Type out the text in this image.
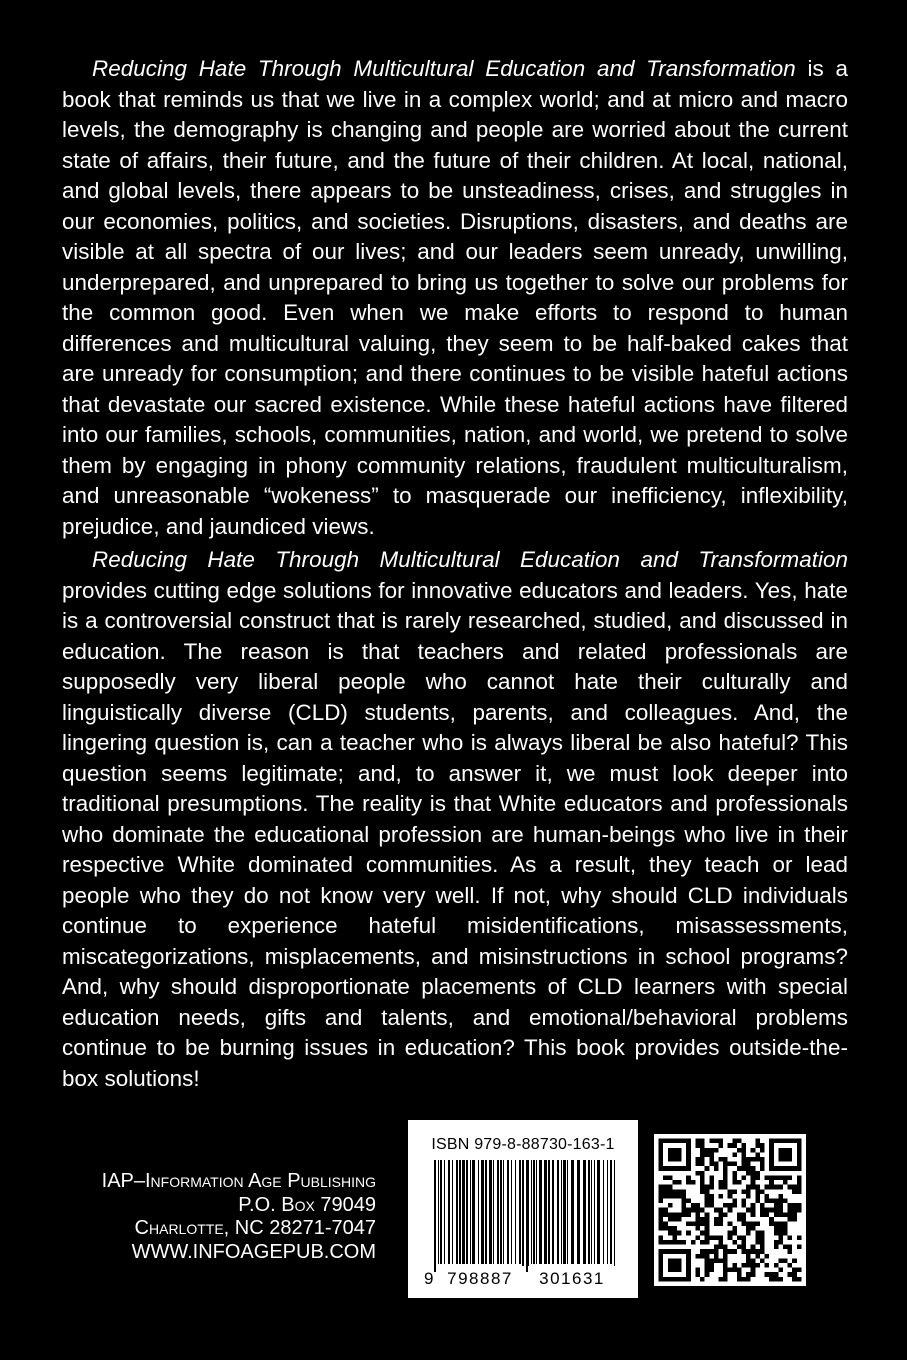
Reducing Hate Through Multicultural Education and Transformation is a book that reminds us that we live in a complex world; and at micro and macro levels, the demography is changing and people are worried about the current state of affairs, their future, and the future of their children. At local, national, and global levels, there appears to be unsteadiness, crises, and struggles in our economies, politics, and societies. Disruptions, disasters, and deaths are visible at all spectra of our lives; and our leaders seem unready, unwilling, underprepared, and unprepared to bring us together to solve our problems for the common good. Even when we make efforts to respond to human differences and multicultural valuing, they seem to be half-baked cakes that are unready for consumption; and there continues to be visible hateful actions that devastate our sacred existence. While these hateful actions have filtered into our families, schools, communities, nation, and world, we pretend to solve them by engaging in phony community relations, fraudulent multiculturalism, and unreasonable “wokeness” to masquerade our inefficiency, inflexibility, prejudice, and jaundiced views.

Reducing Hate Through Multicultural Education and Transformation provides cutting edge solutions for innovative educators and leaders. Yes, hate is a controversial construct that is rarely researched, studied, and discussed in education. The reason is that teachers and related professionals are supposedly very liberal people who cannot hate their culturally and linguistically diverse (CLD) students, parents, and colleagues. And, the lingering question is, can a teacher who is always liberal be also hateful? This question seems legitimate; and, to answer it, we must look deeper into traditional presumptions. The reality is that White educators and professionals who dominate the educational profession are human-beings who live in their respective White dominated communities. As a result, they teach or lead people who they do not know very well. If not, why should CLD individuals continue to experience hateful misidentifications, misassessments, miscategorizations, misplacements, and misinstructions in school programs? And, why should disproportionate placements of CLD learners with special education needs, gifts and talents, and emotional/behavioral problems continue to be burning issues in education? This book provides outside-the-box solutions!

IAP–Information Age Publishing
P.O. Box 79049
Charlotte, NC 28271-7047
WWW.INFOAGEPUB.COM
ISBN 979-8-88730-163-1
9 798887 301631
